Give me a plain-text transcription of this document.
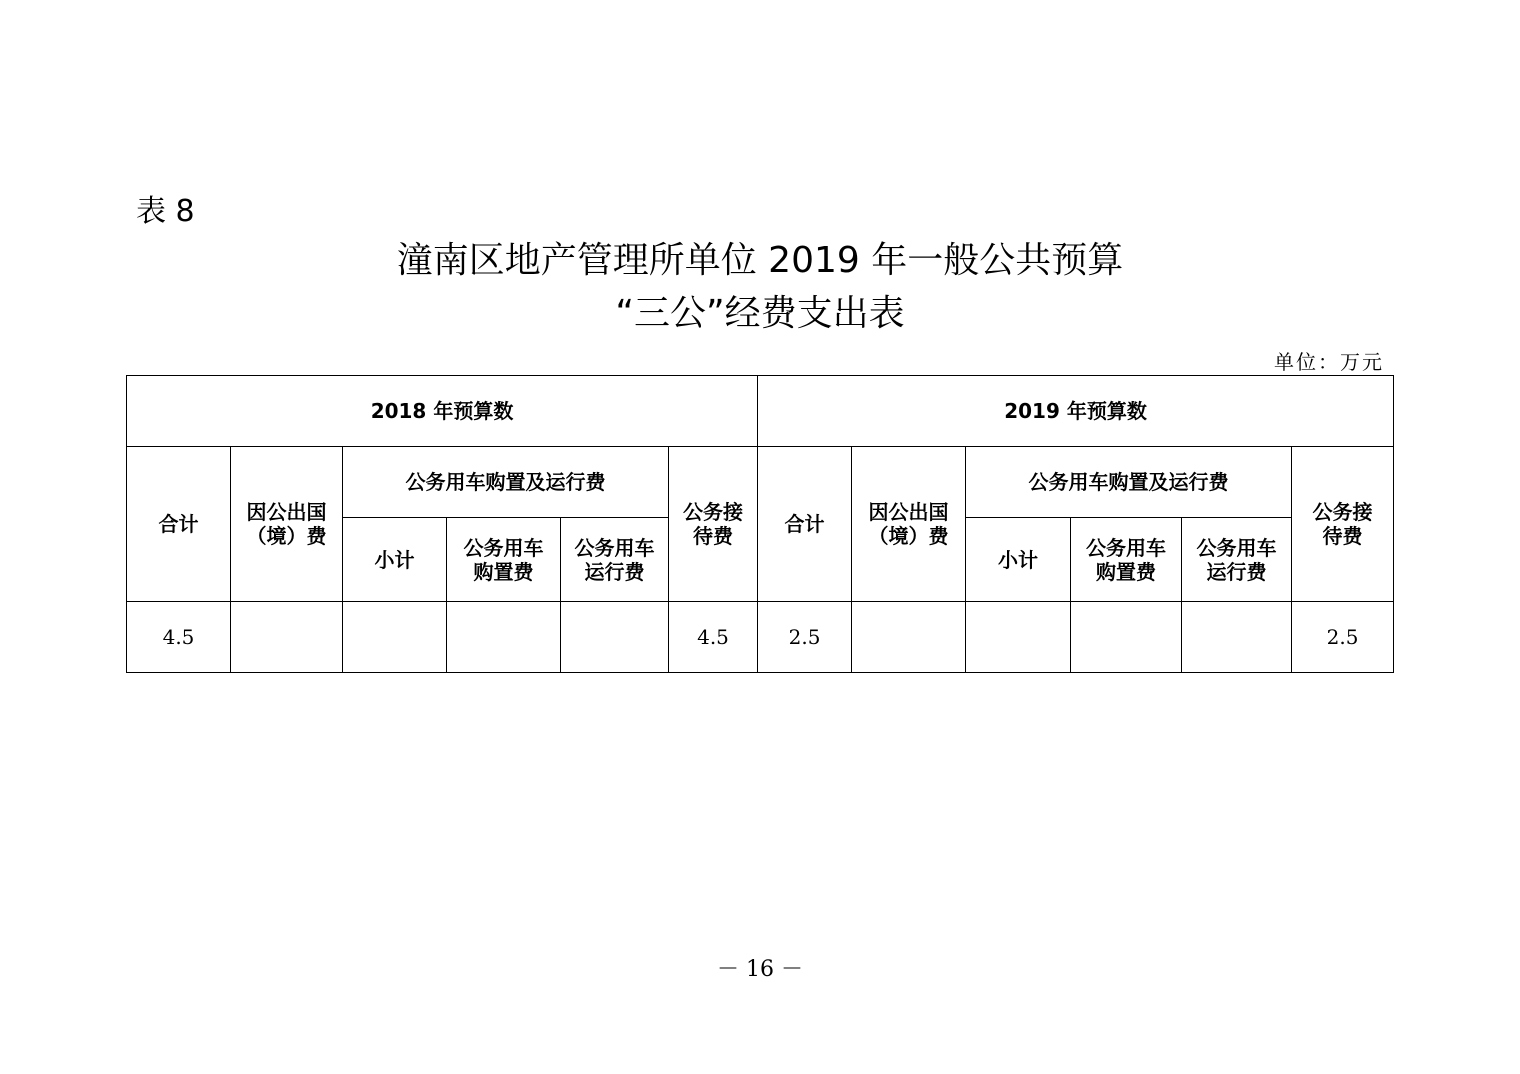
表 8
潼南区地产管理所单位 2019 年一般公共预算
“三公”经费支出表
单位：万元
2018 年预算数						2019 年预算数					
合计	因公出国（境）费	公务用车购置及运行费			公务接待费	合计	因公出国（境）费	公务用车购置及运行费			公务接待费
		小计	公务用车购置费	公务用车运行费				小计	公务用车购置费	公务用车运行费	
4.5					4.5	2.5					2.5
－ 16 －
